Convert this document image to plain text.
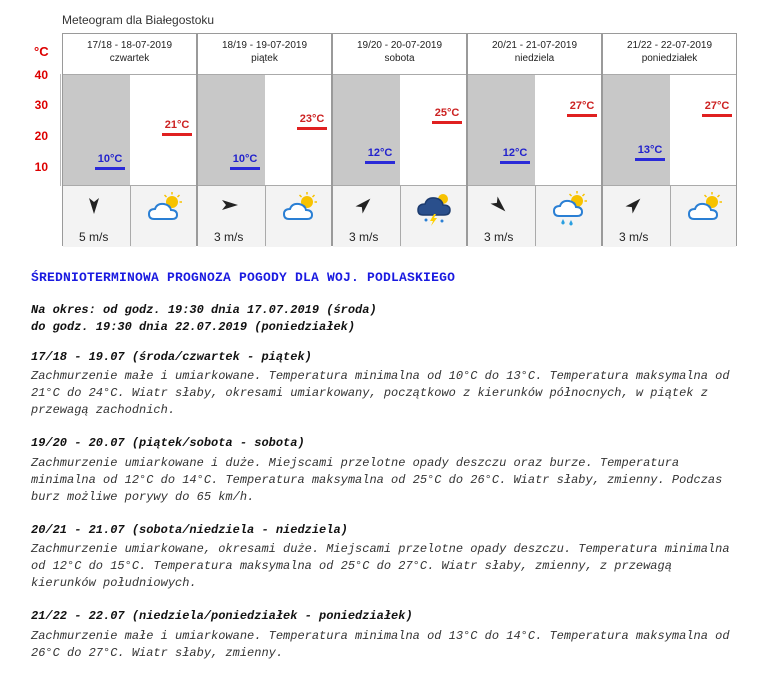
Meteogram dla Białegostoku
°C
40
30
20
10
17/18 - 18-07-2019
czwartek
10°C
21°C
5 m/s
18/19 - 19-07-2019
piątek
10°C
23°C
3 m/s
19/20 - 20-07-2019
sobota
12°C
25°C
3 m/s
20/21 - 21-07-2019
niedziela
12°C
27°C
3 m/s
21/22 - 22-07-2019
poniedziałek
13°C
27°C
3 m/s
ŚREDNIOTERMINOWA PROGNOZA POGODY DLA WOJ. PODLASKIEGO
Na okres: od godz. 19:30 dnia 17.07.2019 (środa)
do godz. 19:30 dnia 22.07.2019 (poniedziałek)
17/18 - 19.07 (środa/czwartek - piątek)

Zachmurzenie małe i umiarkowane. Temperatura minimalna od 10°C do 13°C. Temperatura maksymalna od 21°C do 24°C. Wiatr słaby, okresami umiarkowany, początkowo z kierunków północnych, w piątek z przewagą zachodnich.

19/20 - 20.07 (piątek/sobota - sobota)

Zachmurzenie umiarkowane i duże. Miejscami przelotne opady deszczu oraz burze. Temperatura minimalna od 12°C do 14°C. Temperatura maksymalna od 25°C do 26°C. Wiatr słaby, zmienny. Podczas burz możliwe porywy do 65 km/h.

20/21 - 21.07 (sobota/niedziela - niedziela)

Zachmurzenie umiarkowane, okresami duże. Miejscami przelotne opady deszczu. Temperatura minimalna od 12°C do 15°C. Temperatura maksymalna od 25°C do 27°C. Wiatr słaby, zmienny, z przewagą kierunków południowych.

21/22 - 22.07 (niedziela/poniedziałek - poniedziałek)

Zachmurzenie małe i umiarkowane. Temperatura minimalna od 13°C do 14°C. Temperatura maksymalna od 26°C do 27°C. Wiatr słaby, zmienny.
